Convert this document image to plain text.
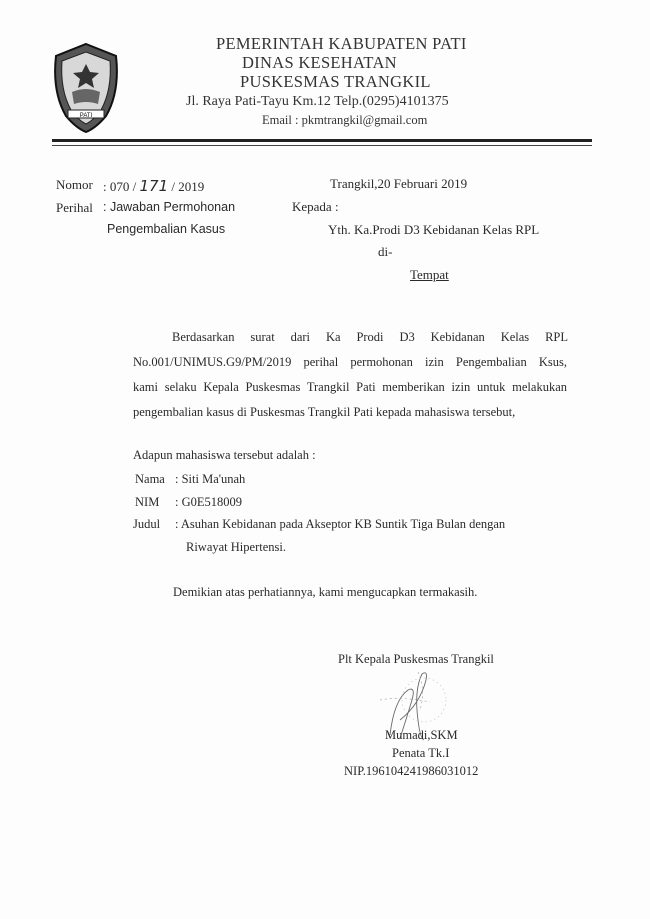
PATI
PEMERINTAH KABUPATEN PATI
DINAS KESEHATAN
PUSKESMAS TRANGKIL
Jl. Raya Pati-Tayu Km.12 Telp.(0295)4101375
Email : pkmtrangkil@gmail.com
Nomor : 070 / 171 / 2019
Perihal : Jawaban Permohonan
Pengembalian Kasus
Trangkil,20 Februari 2019
Kepada :
Yth. Ka.Prodi D3 Kebidanan Kelas RPL
di-
Tempat
Berdasarkan surat dari Ka Prodi D3 Kebidanan Kelas RPL
No.001/UNIMUS.G9/PM/2019 perihal permohonan izin Pengembalian Ksus,
kami selaku Kepala Puskesmas Trangkil Pati memberikan izin untuk melakukan
pengembalian kasus di Puskesmas Trangkil Pati kepada mahasiswa tersebut,
Adapun mahasiswa tersebut adalah :
Nama : Siti Ma'unah
NIM : G0E518009
Judul : Asuhan Kebidanan pada Akseptor KB Suntik Tiga Bulan dengan
Riwayat Hipertensi.
Demikian atas perhatiannya, kami mengucapkan termakasih.
Plt Kepala Puskesmas Trangkil
Mumadi,SKM
Penata Tk.I
NIP.196104241986031012
